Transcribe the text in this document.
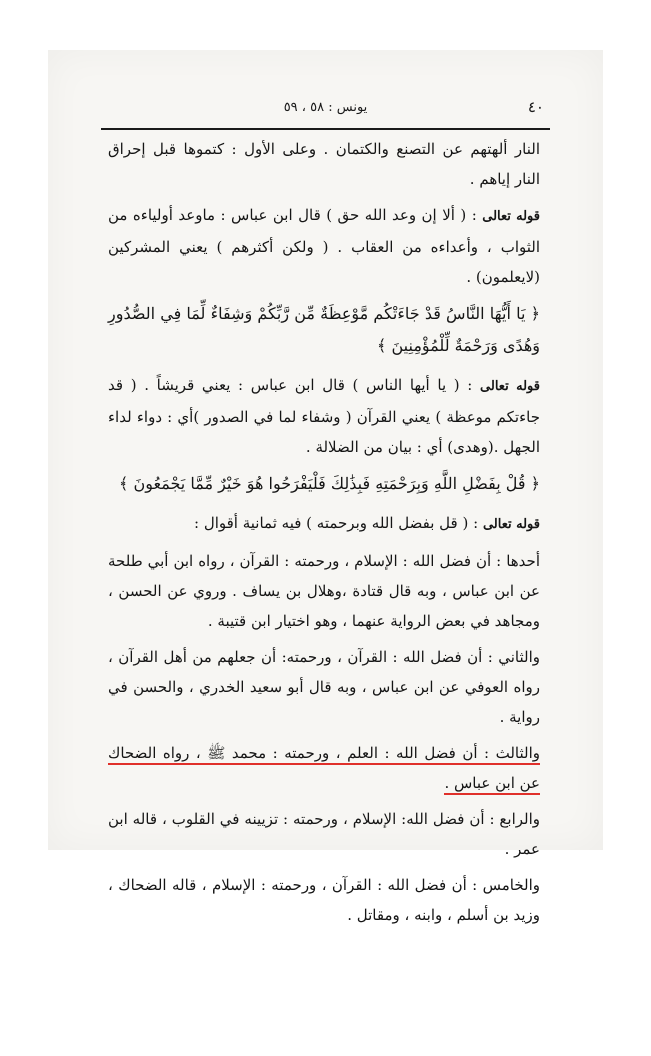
٤٠
يونس : ٥٨ ، ٥٩

النار ألهتهم عن التصنع والكتمان . وعلى الأول : كتموها قبل إحراق النار إياهم .

قوله تعالى : ( ألا إن وعد الله حق ) قال ابن عباس : ماوعد أولياءه من الثواب ، وأعداءه من العقاب . ( ولكن أكثرهم ) يعني المشركين (لايعلمون) .

﴿ يَا أَيُّهَا النَّاسُ قَدْ جَاءَتْكُم مَّوْعِظَةٌ مِّن رَّبِّكُمْ وَشِفَاءٌ لِّمَا فِي الصُّدُورِ وَهُدًى وَرَحْمَةٌ لِّلْمُؤْمِنِينَ ﴾

قوله تعالى : ( يا أيها الناس ) قال ابن عباس : يعني قريشاً . ( قد جاءتكم موعظة ) يعني القرآن ( وشفاء لما في الصدور )أي : دواء لداء الجهل .(وهدى) أي : بيان من الضلالة .

﴿ قُلْ بِفَضْلِ اللَّهِ وَبِرَحْمَتِهِ فَبِذَٰلِكَ فَلْيَفْرَحُوا هُوَ خَيْرٌ مِّمَّا يَجْمَعُونَ ﴾

قوله تعالى : ( قل بفضل الله وبرحمته ) فيه ثمانية أقوال :

أحدها : أن فضل الله : الإسلام ، ورحمته : القرآن ، رواه ابن أبي طلحة عن ابن عباس ، وبه قال قتادة ،وهلال بن يساف . وروي عن الحسن ، ومجاهد في بعض الرواية عنهما ، وهو اختيار ابن قتيبة .

والثاني : أن فضل الله : القرآن ، ورحمته: أن جعلهم من أهل القرآن ، رواه العوفي عن ابن عباس ، وبه قال أبو سعيد الخدري ، والحسن في رواية .

والثالث : أن فضل الله : العلم ، ورحمته : محمد ﷺ ، رواه الضحاك عن ابن عباس .

والرابع : أن فضل الله: الإسلام ، ورحمته : تزيينه في القلوب ، قاله ابن عمر .

والخامس : أن فضل الله : القرآن ، ورحمته : الإسلام ، قاله الضحاك ، وزيد بن أسلم ، وابنه ، ومقاتل .
